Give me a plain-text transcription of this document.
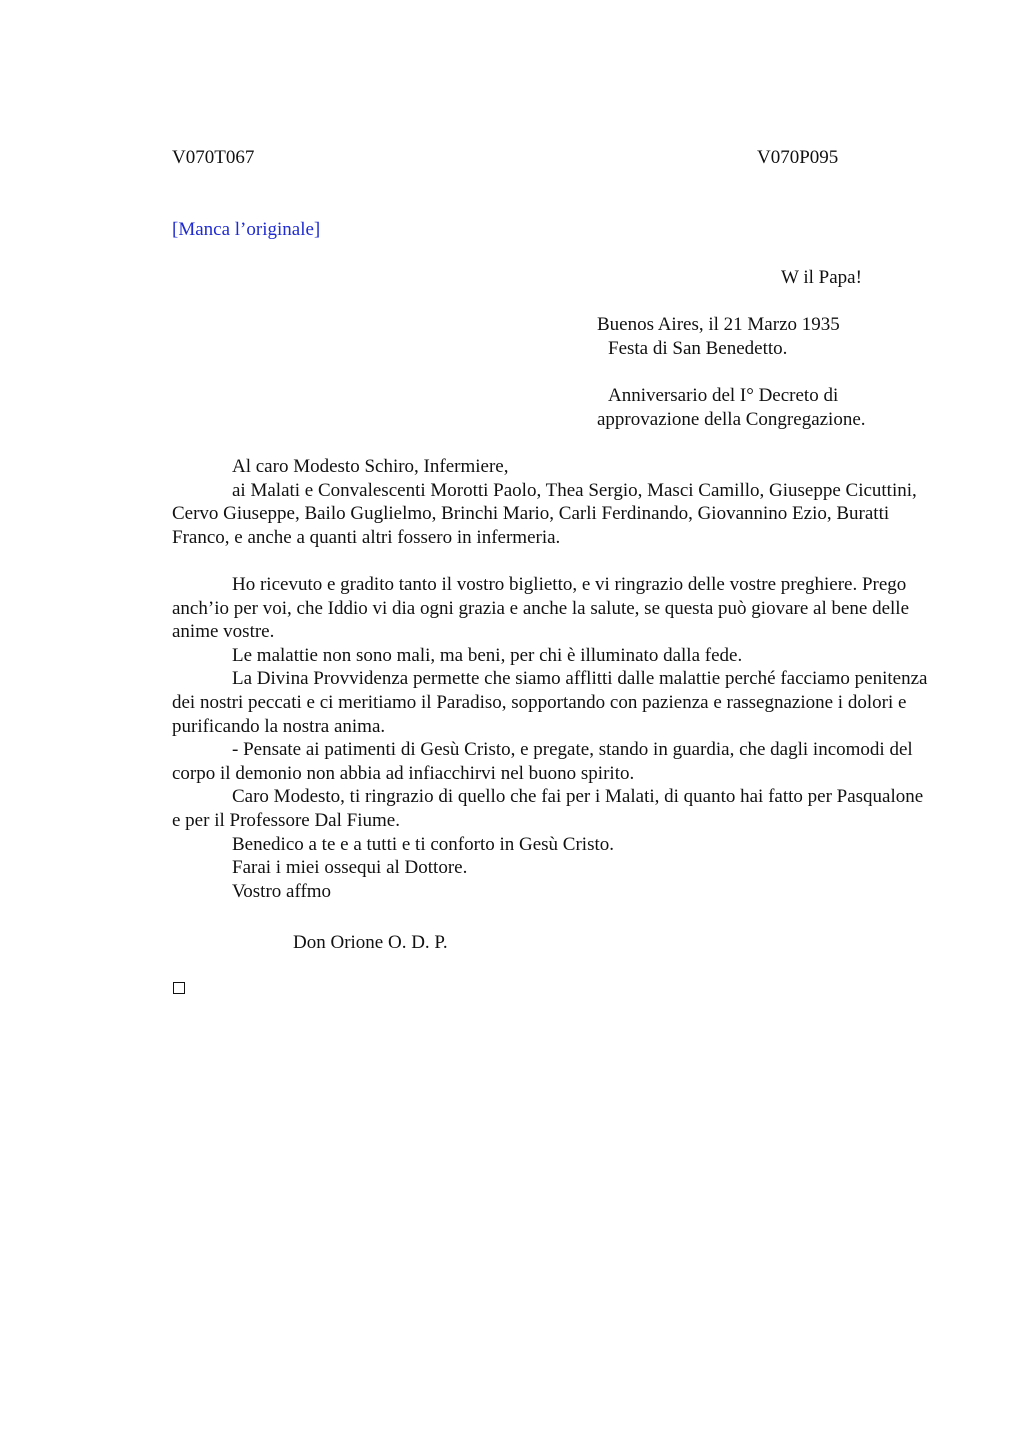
V070T067	V070P095
[Manca l’originale]
W il Papa!
Buenos Aires, il 21 Marzo 1935
Festa di San Benedetto.
Anniversario del I° Decreto di
approvazione della Congregazione.

Al caro Modesto Schiro, Infermiere,

ai Malati e Convalescenti Morotti Paolo, Thea Sergio, Masci Camillo, Giuseppe Cicuttini, Cervo Giuseppe, Bailo Guglielmo, Brinchi Mario, Carli Ferdinando, Giovannino Ezio, Buratti Franco, e anche a quanti altri fossero in infermeria.

Ho ricevuto e gradito tanto il vostro biglietto, e vi ringrazio delle vostre preghiere. Prego anch’io per voi, che Iddio vi dia ogni grazia e anche la salute, se questa può giovare al bene delle anime vostre.

Le malattie non sono mali, ma beni, per chi è illuminato dalla fede.

La Divina Provvidenza permette che siamo afflitti dalle malattie perché facciamo penitenza dei nostri peccati e ci meritiamo il Paradiso, sopportando con pazienza e rassegnazione i dolori e purificando la nostra anima.

- Pensate ai patimenti di Gesù Cristo, e pregate, stando in guardia, che dagli incomodi del corpo il demonio non abbia ad infiacchirvi nel buono spirito.

Caro Modesto, ti ringrazio di quello che fai per i Malati, di quanto hai fatto per Pasqualone e per il Professore Dal Fiume.

Benedico a te e a tutti e ti conforto in Gesù Cristo.

Farai i miei ossequi al Dottore.

Vostro affmo

Don Orione O. D. P.
